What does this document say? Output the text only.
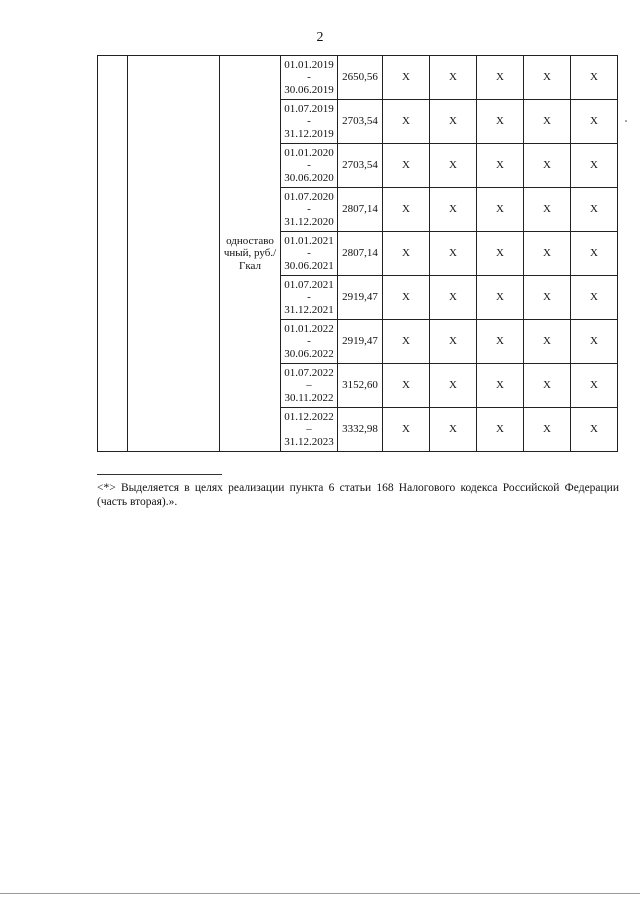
2
		одноставо чный, руб./Гкал	01.01.2019
-
30.06.2019	2650,56	X	X	X	X	X

			01.07.2019
-
31.12.2019	2703,54	X	X	X	X	X

			01.01.2020
-
30.06.2020	2703,54	X	X	X	X	X

			01.07.2020
-
31.12.2020	2807,14	X	X	X	X	X

			01.01.2021
-
30.06.2021	2807,14	X	X	X	X	X

			01.07.2021
-
31.12.2021	2919,47	X	X	X	X	X

			01.01.2022
-
30.06.2022	2919,47	X	X	X	X	X

			01.07.2022
–
30.11.2022	3152,60	X	X	X	X	X

			01.12.2022
–
31.12.2023	3332,98	X	X	X	X	X
<*> Выделяется в целях реализации пункта 6 статьи 168 Налогового кодекса Российской Федерации (часть вторая).».
